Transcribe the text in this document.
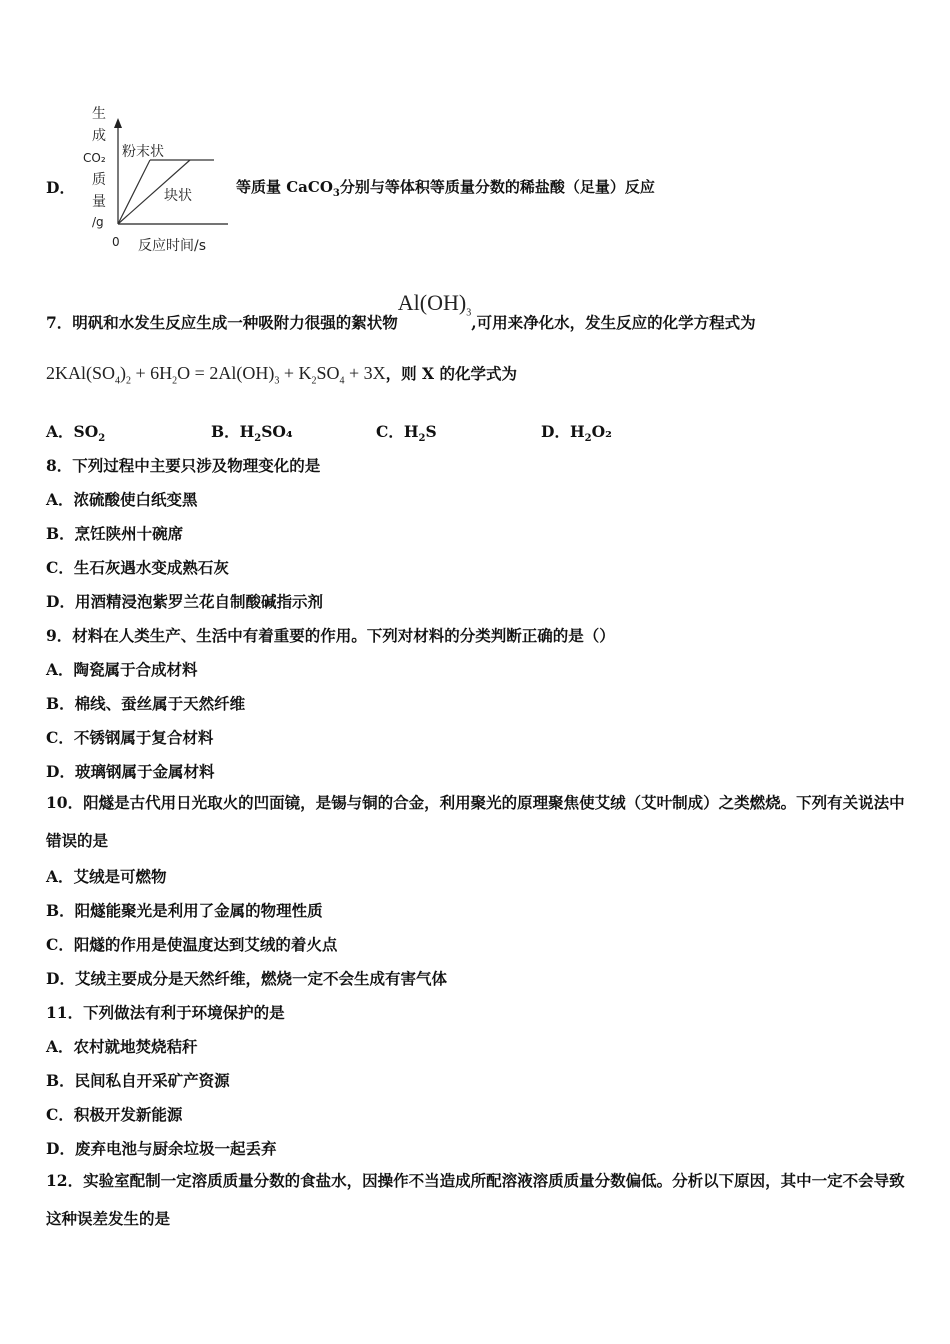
D．
生
成
CO₂
质
量
/g
0 反应时间/s
粉末状
块状	等质量 CaCO$_3$分别与等体积等质量分数的稀盐酸（足量）反应
7．明矾和水发生反应生成一种吸附力很强的絮状物$Al(OH)_3$,可用来净化水，发生反应的化学方程式为
$2KAl(SO_4)_2 + 6H_2O = 2Al(OH)_3 + K_2SO_4 + 3X$，则 X 的化学式为
A．$SO_2$	B．$H_2SO_4$	C．$H_2S$	D．$H_2O_2$
8．下列过程中主要只涉及物理变化的是
A．浓硫酸使白纸变黑
B．烹饪陕州十碗席
C．生石灰遇水变成熟石灰
D．用酒精浸泡紫罗兰花自制酸碱指示剂
9．材料在人类生产、生活中有着重要的作用。下列对材料的分类判断正确的是（）
A．陶瓷属于合成材料
B．棉线、蚕丝属于天然纤维
C．不锈钢属于复合材料
D．玻璃钢属于金属材料
10．阳燧是古代用日光取火的凹面镜，是锡与铜的合金，利用聚光的原理聚焦使艾绒（艾叶制成）之类燃烧。下列有关说法中错误的是
A．艾绒是可燃物
B．阳燧能聚光是利用了金属的物理性质
C．阳燧的作用是使温度达到艾绒的着火点
D．艾绒主要成分是天然纤维，燃烧一定不会生成有害气体
11．下列做法有利于环境保护的是
A．农村就地焚烧秸秆
B．民间私自开采矿产资源
C．积极开发新能源
D．废弃电池与厨余垃圾一起丢弃
12．实验室配制一定溶质质量分数的食盐水，因操作不当造成所配溶液溶质质量分数偏低。分析以下原因，其中一定不会导致这种误差发生的是
